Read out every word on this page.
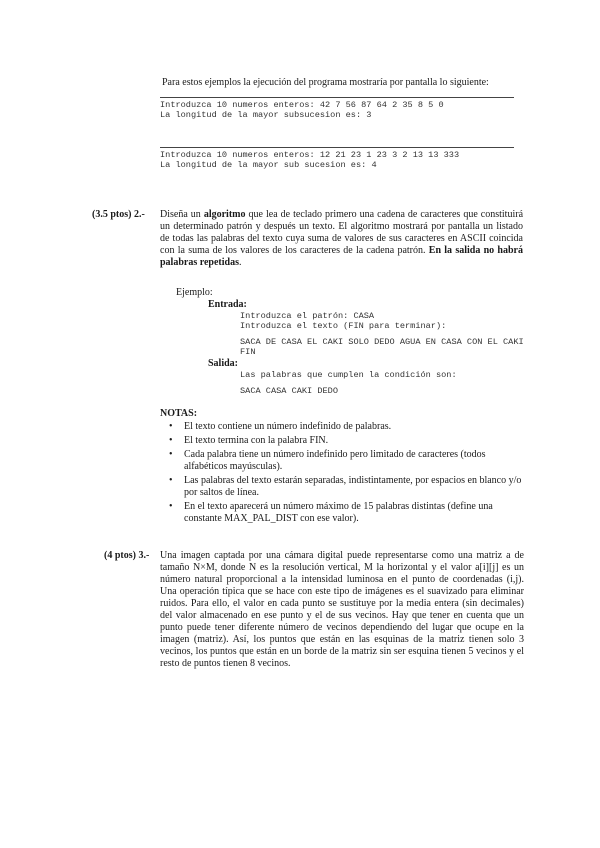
Para estos ejemplos la ejecución del programa mostraría por pantalla lo siguiente:
Introduzca 10 numeros enteros: 42 7 56 87 64 2 35 8 5 0
La longitud de la mayor subsucesion es: 3
Introduzca 10 numeros enteros: 12 21 23 1 23 3 2 13 13 333
La longitud de la mayor sub sucesion es: 4
(3.5 ptos) 2.-	Diseña un algoritmo que lea de teclado primero una cadena de caracteres que constituirá un determinado patrón y después un texto. El algoritmo mostrará por pantalla un listado de todas las palabras del texto cuya suma de valores de sus caracteres en ASCII coincida con la suma de los valores de los caracteres de la cadena patrón. En la salida no habrá palabras repetidas.
Ejemplo:
Entrada:
Introduzca el patrón: CASA
Introduzca el texto (FIN para terminar):
SACA DE CASA EL CAKI SOLO DEDO AGUA EN CASA CON EL CAKI
FIN
Salida:
Las palabras que cumplen la condición son:
SACA CASA CAKI DEDO
NOTAS:
• El texto contiene un número indefinido de palabras.
• El texto termina con la palabra FIN.
• Cada palabra tiene un número indefinido pero limitado de caracteres (todos alfabéticos mayúsculas).
• Las palabras del texto estarán separadas, indistintamente, por espacios en blanco y/o por saltos de línea.
• En el texto aparecerá un número máximo de 15 palabras distintas (define una constante MAX_PAL_DIST con ese valor).
(4 ptos) 3.-	Una imagen captada por una cámara digital puede representarse como una matriz a de tamaño N×M, donde N es la resolución vertical, M la horizontal y el valor a[i][j] es un número natural proporcional a la intensidad luminosa en el punto de coordenadas (i,j). Una operación típica que se hace con este tipo de imágenes es el suavizado para eliminar ruidos. Para ello, el valor en cada punto se sustituye por la media entera (sin decimales) del valor almacenado en ese punto y el de sus vecinos. Hay que tener en cuenta que un punto puede tener diferente número de vecinos dependiendo del lugar que ocupe en la imagen (matriz). Así, los puntos que están en las esquinas de la matriz tienen solo 3 vecinos, los puntos que están en un borde de la matriz sin ser esquina tienen 5 vecinos y el resto de puntos tienen 8 vecinos.
